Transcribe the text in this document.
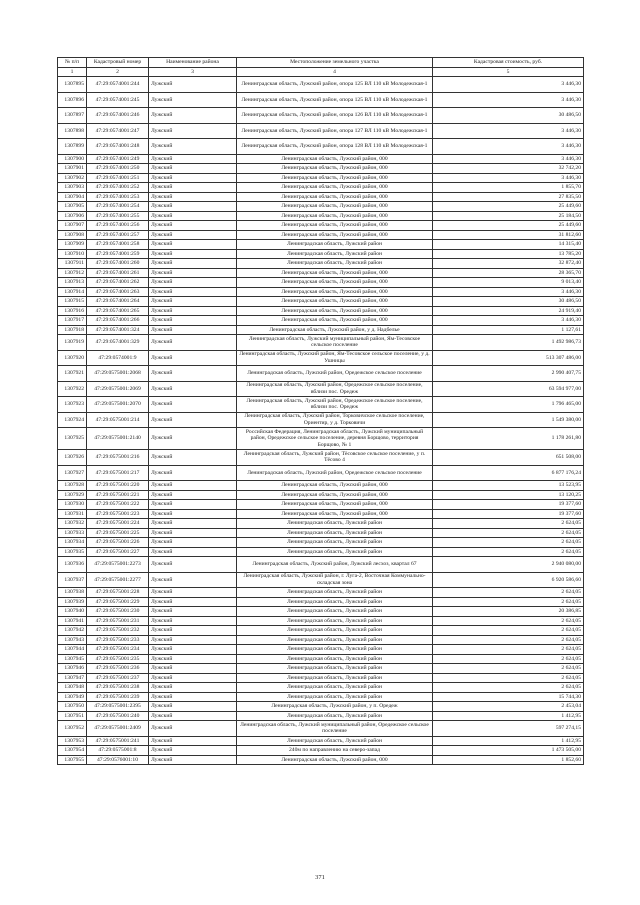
№ п/п	Кадастровый номер	Наименование района	Местоположение земельного участка	Кадастровая стоимость, руб.
1	2	3	4	5
1307895	47:29:0574001:244	Лужский	Ленинградская область, Лужский район, опора 125 ВЛ 110 кВ Молодежская-1	3 446,30
1307896	47:29:0574001:245	Лужский	Ленинградская область, Лужский район, опора 125 ВЛ 110 кВ Молодежская-1	3 446,30
1307897	47:29:0574001:246	Лужский	Ленинградская область, Лужский район, опора 126 ВЛ 110 кВ Молодежская-1	30 486,50
1307898	47:29:0574001:247	Лужский	Ленинградская область, Лужский район, опора 127 ВЛ 110 кВ Молодежская-1	3 446,30
1307899	47:29:0574001:248	Лужский	Ленинградская область, Лужский район, опора 128 ВЛ 110 кВ Молодежская-1	3 446,30
1307900	47:29:0574001:249	Лужский	Ленинградская область, Лужский район, 000	3 446,30
1307901	47:29:0574001:250	Лужский	Ленинградская область, Лужский район, 000	32 742,20
1307902	47:29:0574001:251	Лужский	Ленинградская область, Лужский район, 000	3 446,30
1307903	47:29:0574001:252	Лужский	Ленинградская область, Лужский район, 000	1 855,70
1307904	47:29:0574001:253	Лужский	Ленинградская область, Лужский район, 000	27 835,50
1307905	47:29:0574001:254	Лужский	Ленинградская область, Лужский район, 000	25 449,60
1307906	47:29:0574001:255	Лужский	Ленинградская область, Лужский район, 000	25 184,50
1307907	47:29:0574001:256	Лужский	Ленинградская область, Лужский район, 000	25 449,60
1307908	47:29:0574001:257	Лужский	Ленинградская область, Лужский район, 000	31 812,60
1307909	47:29:0574001:258	Лужский	Ленинградская область, Лужский район	14 315,40
1307910	47:29:0574001:259	Лужский	Ленинградская область, Лужский район	13 785,20
1307911	47:29:0574001:260	Лужский	Ленинградская область, Лужский район	32 872,40
1307912	47:29:0574001:261	Лужский	Ленинградская область, Лужский район, 000	28 365,70
1307913	47:29:0574001:262	Лужский	Ленинградская область, Лужский район, 000	9 013,40
1307914	47:29:0574001:263	Лужский	Ленинградская область, Лужский район, 000	3 446,30
1307915	47:29:0574001:264	Лужский	Ленинградская область, Лужский район, 000	30 486,50
1307916	47:29:0574001:265	Лужский	Ленинградская область, Лужский район, 000	24 919,40
1307917	47:29:0574001:266	Лужский	Ленинградская область, Лужский район, 000	3 446,30
1307918	47:29:0574001:324	Лужский	Ленинградская область, Лужский район, у д. Надбелье	1 127,61
1307919	47:29:0574001:329	Лужский	Ленинградская область, Лужский муниципальный район, Ям-Тесовское сельское поселение	1 492 986,73
1307920	47:29:0574001:9	Лужский	Ленинградская область, Лужский район, Ям-Тесовское сельское поселение, у д. Ушницы	513 307 486,00
1307921	47:29:0575001:2068	Лужский	Ленинградская область, Лужский район, Оредежское сельское поселение	2 990 407,75
1307922	47:29:0575001:2069	Лужский	Ленинградская область, Лужский район, Оредежское сельское поселение, вблизи пос. Оредеж	63 594 977,00
1307923	47:29:0575001:2070	Лужский	Ленинградская область, Лужский район, Оредежское сельское поселение, вблизи пос. Оредеж	1 796 465,00
1307924	47:29:0575001:214	Лужский	Ленинградская область, Лужский район, Торковичское сельское поселение, Ориентир, у д. Торковичи	1 549 380,00
1307925	47:29:0575001:2140	Лужский	Российская Федерация, Ленинградская область, Лужский муниципальный район, Оредежское сельское поселение, деревня Борщово, территория Борщово, № 1	1 178 261,80
1307926	47:29:0575001:216	Лужский	Ленинградская область, Лужский район, Тёсовское сельское поселение, у п. Тёсово 4	651 508,00
1307927	47:29:0575001:217	Лужский	Ленинградская область, Лужский район, Оредежское сельское поселение	6 877 176,24
1307928	47:29:0575001:220	Лужский	Ленинградская область, Лужский район, 000	13 523,95
1307929	47:29:0575001:221	Лужский	Ленинградская область, Лужский район, 000	13 120,25
1307930	47:29:0575001:222	Лужский	Ленинградская область, Лужский район, 000	19 377,60
1307931	47:29:0575001:223	Лужский	Ленинградская область, Лужский район, 000	19 377,60
1307932	47:29:0575001:224	Лужский	Ленинградская область, Лужский район	2 624,05
1307933	47:29:0575001:225	Лужский	Ленинградская область, Лужский район	2 624,05
1307934	47:29:0575001:226	Лужский	Ленинградская область, Лужский район	2 624,05
1307935	47:29:0575001:227	Лужский	Ленинградская область, Лужский район	2 624,05
1307936	47:29:0575001:2273	Лужский	Ленинградская область, Лужский район, Лужский лесхоз, квартал 67	2 940 080,00
1307937	47:29:0575001:2277	Лужский	Ленинградская область, Лужский район, г. Луга-2, Восточная Коммунально-складская зона	6 920 586,60
1307938	47:29:0575001:228	Лужский	Ленинградская область, Лужский район	2 624,05
1307939	47:29:0575001:229	Лужский	Ленинградская область, Лужский район	2 624,05
1307940	47:29:0575001:230	Лужский	Ленинградская область, Лужский район	20 386,85
1307941	47:29:0575001:231	Лужский	Ленинградская область, Лужский район	2 624,05
1307942	47:29:0575001:232	Лужский	Ленинградская область, Лужский район	2 624,05
1307943	47:29:0575001:233	Лужский	Ленинградская область, Лужский район	2 624,05
1307944	47:29:0575001:234	Лужский	Ленинградская область, Лужский район	2 624,05
1307945	47:29:0575001:235	Лужский	Ленинградская область, Лужский район	2 624,05
1307946	47:29:0575001:236	Лужский	Ленинградская область, Лужский район	2 624,05
1307947	47:29:0575001:237	Лужский	Ленинградская область, Лужский район	2 624,05
1307948	47:29:0575001:238	Лужский	Ленинградская область, Лужский район	2 624,05
1307949	47:29:0575001:239	Лужский	Ленинградская область, Лужский район	15 744,30
1307950	47:29:0575001:2395	Лужский	Ленинградская область, Лужский район, у п. Оредеж	2 453,04
1307951	47:29:0575001:240	Лужский	Ленинградская область, Лужский район	1 412,95
1307952	47:29:0575001:2409	Лужский	Ленинградская область, Лужский муниципальный район, Оредежское сельское поселение	597 274,15
1307953	47:29:0575001:241	Лужский	Ленинградская область, Лужский район	1 412,95
1307954	47:29:0575001:8	Лужский	240м по направлению на северо-запад	1 473 505,00
1307955	47:29:0576001:10	Лужский	Ленинградская область, Лужский район, 000	1 852,60
371
